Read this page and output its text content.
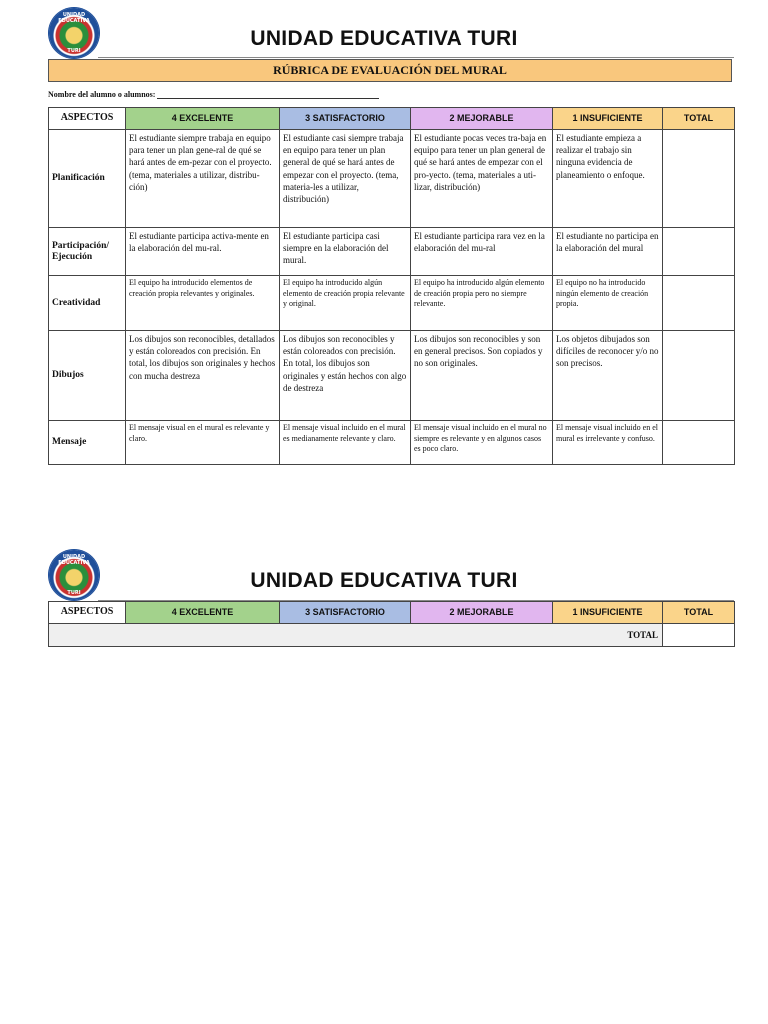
UNIDAD EDUCATIVA
TURI
UNIDAD EDUCATIVA TURI
RÚBRICA DE EVALUACIÓN DEL MURAL
Nombre del alumno o alumnos:
ASPECTOS	4 EXCELENTE	3 SATISFACTORIO	2 MEJORABLE	1 INSUFICIENTE	TOTAL
Planificación	El estudiante siempre trabaja en equipo para tener un plan gene-ral de qué se hará antes de em-pezar con el proyecto. (tema, materiales a utilizar, distribu-ción)	El estudiante casi siempre trabaja en equipo para tener un plan general de qué se hará antes de empezar con el proyecto. (tema, materia-les a utilizar, distribución)	El estudiante pocas veces tra-baja en equipo para tener un plan general de qué se hará antes de empezar con el pro-yecto. (tema, materiales a uti-lizar, distribución)	El estudiante empieza a realizar el trabajo sin ninguna evidencia de planeamiento o enfoque.	
Participación/ Ejecución	El estudiante participa activa-mente en la elaboración del mu-ral.	El estudiante participa casi siempre en la elaboración del mural.	El estudiante participa rara vez en la elaboración del mu-ral	El estudiante no participa en la elaboración del mural	
Creatividad	El equipo ha introducido elementos de creación propia relevantes y originales.	El equipo ha introducido algún elemento de creación propia relevante y original.	El equipo ha introducido algún elemento de creación propia pero no siempre relevante.	El equipo no ha introducido ningún elemento de creación propia.	
Dibujos	Los dibujos son reconocibles, detallados y están coloreados con precisión. En total, los dibujos son originales y hechos con mucha destreza	Los dibujos son reconocibles y están coloreados con precisión. En total, los dibujos son originales y están hechos con algo de destreza	Los dibujos son reconocibles y son en general precisos. Son copiados y no son originales.	Los objetos dibujados son difíciles de reconocer y/o no son precisos.	
Mensaje	El mensaje visual en el mural es relevante y claro.	El mensaje visual incluido en el mural es medianamente relevante y claro.	El mensaje visual incluido en el mural no siempre es relevante y en algunos casos es poco claro.	El mensaje visual incluido en el mural es irrelevante y confuso.	
UNIDAD EDUCATIVA
TURI
UNIDAD EDUCATIVA TURI
ASPECTOS	4 EXCELENTE	3 SATISFACTORIO	2 MEJORABLE	1 INSUFICIENTE	TOTAL
TOTAL					
